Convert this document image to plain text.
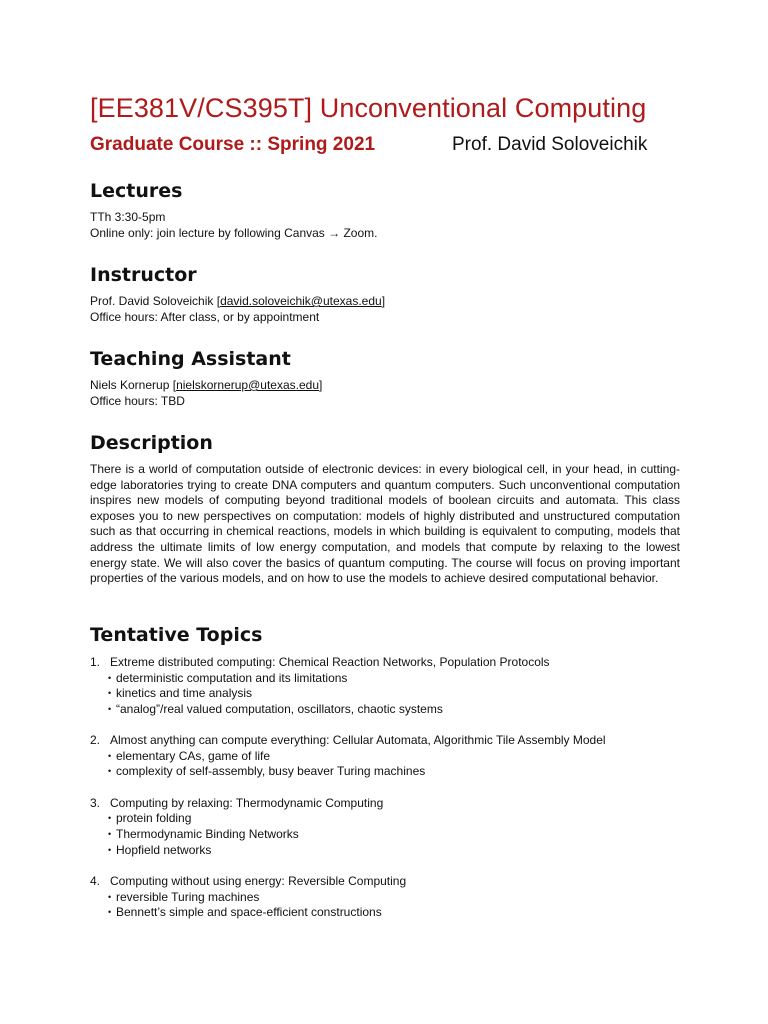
[EE381V/CS395T] Unconventional Computing
Graduate Course :: Spring 2021	Prof. David Soloveichik
Lectures
TTh 3:30-5pm
Online only: join lecture by following Canvas → Zoom.
Instructor
Prof. David Soloveichik [david.soloveichik@utexas.edu]
Office hours: After class, or by appointment
Teaching Assistant
Niels Kornerup [nielskornerup@utexas.edu]
Office hours: TBD
Description

There is a world of computation outside of electronic devices: in every biological cell, in your head, in cutting-edge laboratories trying to create DNA computers and quantum computers. Such unconventional computation inspires new models of computing beyond traditional models of boolean circuits and automata. This class exposes you to new perspectives on computation: models of highly distributed and unstructured computation such as that occurring in chemical reactions, models in which building is equivalent to computing, models that address the ultimate limits of low energy computation, and models that compute by relaxing to the lowest energy state. We will also cover the basics of quantum computing. The course will focus on proving important properties of the various models, and on how to use the models to achieve desired computational behavior.

Tentative Topics
1. Extreme distributed computing: Chemical Reaction Networks, Population Protocols
• deterministic computation and its limitations
• kinetics and time analysis
• “analog”/real valued computation, oscillators, chaotic systems
2. Almost anything can compute everything: Cellular Automata, Algorithmic Tile Assembly Model
• elementary CAs, game of life
• complexity of self-assembly, busy beaver Turing machines
3. Computing by relaxing: Thermodynamic Computing
• protein folding
• Thermodynamic Binding Networks
• Hopfield networks
4. Computing without using energy: Reversible Computing
• reversible Turing machines
• Bennett’s simple and space-efficient constructions
